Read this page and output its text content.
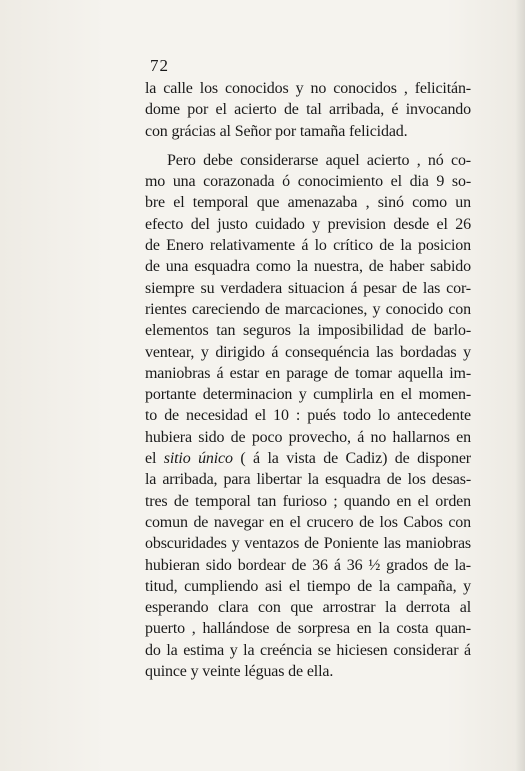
72
la calle los conocidos y no conocidos , felicitán-
dome por el acierto de tal arribada, é invocando
con grácias al Señor por tamaña felicidad.
Pero debe considerarse aquel acierto , nó co-
mo una corazonada ó conocimiento el dia 9 so-
bre el temporal que amenazaba , sinó como un
efecto del justo cuidado y prevision desde el 26
de Enero relativamente á lo crítico de la posicion
de una esquadra como la nuestra, de haber sabido
siempre su verdadera situacion á pesar de las cor-
rientes careciendo de marcaciones, y conocido con
elementos tan seguros la imposibilidad de barlo-
ventear, y dirigido á consequéncia las bordadas y
maniobras á estar en parage de tomar aquella im-
portante determinacion y cumplirla en el momen-
to de necesidad el 10 : pués todo lo antecedente
hubiera sido de poco provecho, á no hallarnos en
el sitio único ( á la vista de Cadiz) de disponer
la arribada, para libertar la esquadra de los desas-
tres de temporal tan furioso ; quando en el orden
comun de navegar en el crucero de los Cabos con
obscuridades y ventazos de Poniente las maniobras
hubieran sido bordear de 36 á 36 ½ grados de la-
titud, cumpliendo asi el tiempo de la campaña, y
esperando clara con que arrostrar la derrota al
puerto , hallándose de sorpresa en la costa quan-
do la estima y la creéncia se hiciesen considerar á
quince y veinte léguas de ella.
